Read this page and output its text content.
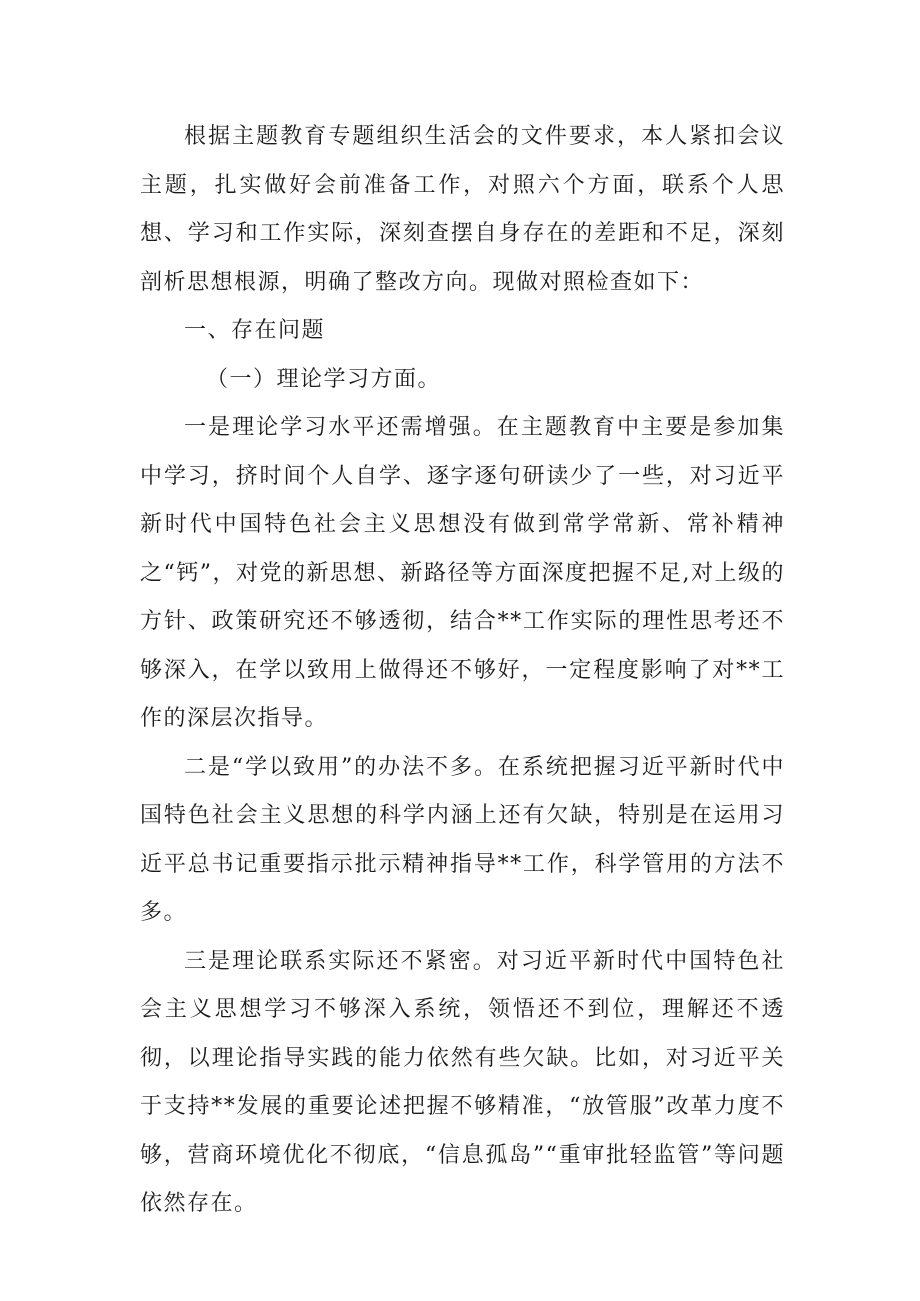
根据主题教育专题组织生活会的文件要求，本人紧扣会议主题，扎实做好会前准备工作，对照六个方面，联系个人思想、学习和工作实际，深刻查摆自身存在的差距和不足，深刻剖析思想根源，明确了整改方向。现做对照检查如下：

一、存在问题

（一）理论学习方面。

一是理论学习水平还需增强。在主题教育中主要是参加集中学习，挤时间个人自学、逐字逐句研读少了一些，对习近平新时代中国特色社会主义思想没有做到常学常新、常补精神之“钙”，对党的新思想、新路径等方面深度把握不足,对上级的方针、政策研究还不够透彻，结合**工作实际的理性思考还不够深入，在学以致用上做得还不够好，一定程度影响了对**工作的深层次指导。

二是“学以致用”的办法不多。在系统把握习近平新时代中国特色社会主义思想的科学内涵上还有欠缺，特别是在运用习近平总书记重要指示批示精神指导**工作，科学管用的方法不多。

三是理论联系实际还不紧密。对习近平新时代中国特色社会主义思想学习不够深入系统，领悟还不到位，理解还不透彻，以理论指导实践的能力依然有些欠缺。比如，对习近平关于支持**发展的重要论述把握不够精准，“放管服”改革力度不够，营商环境优化不彻底，“信息孤岛”“重审批轻监管”等问题依然存在。
